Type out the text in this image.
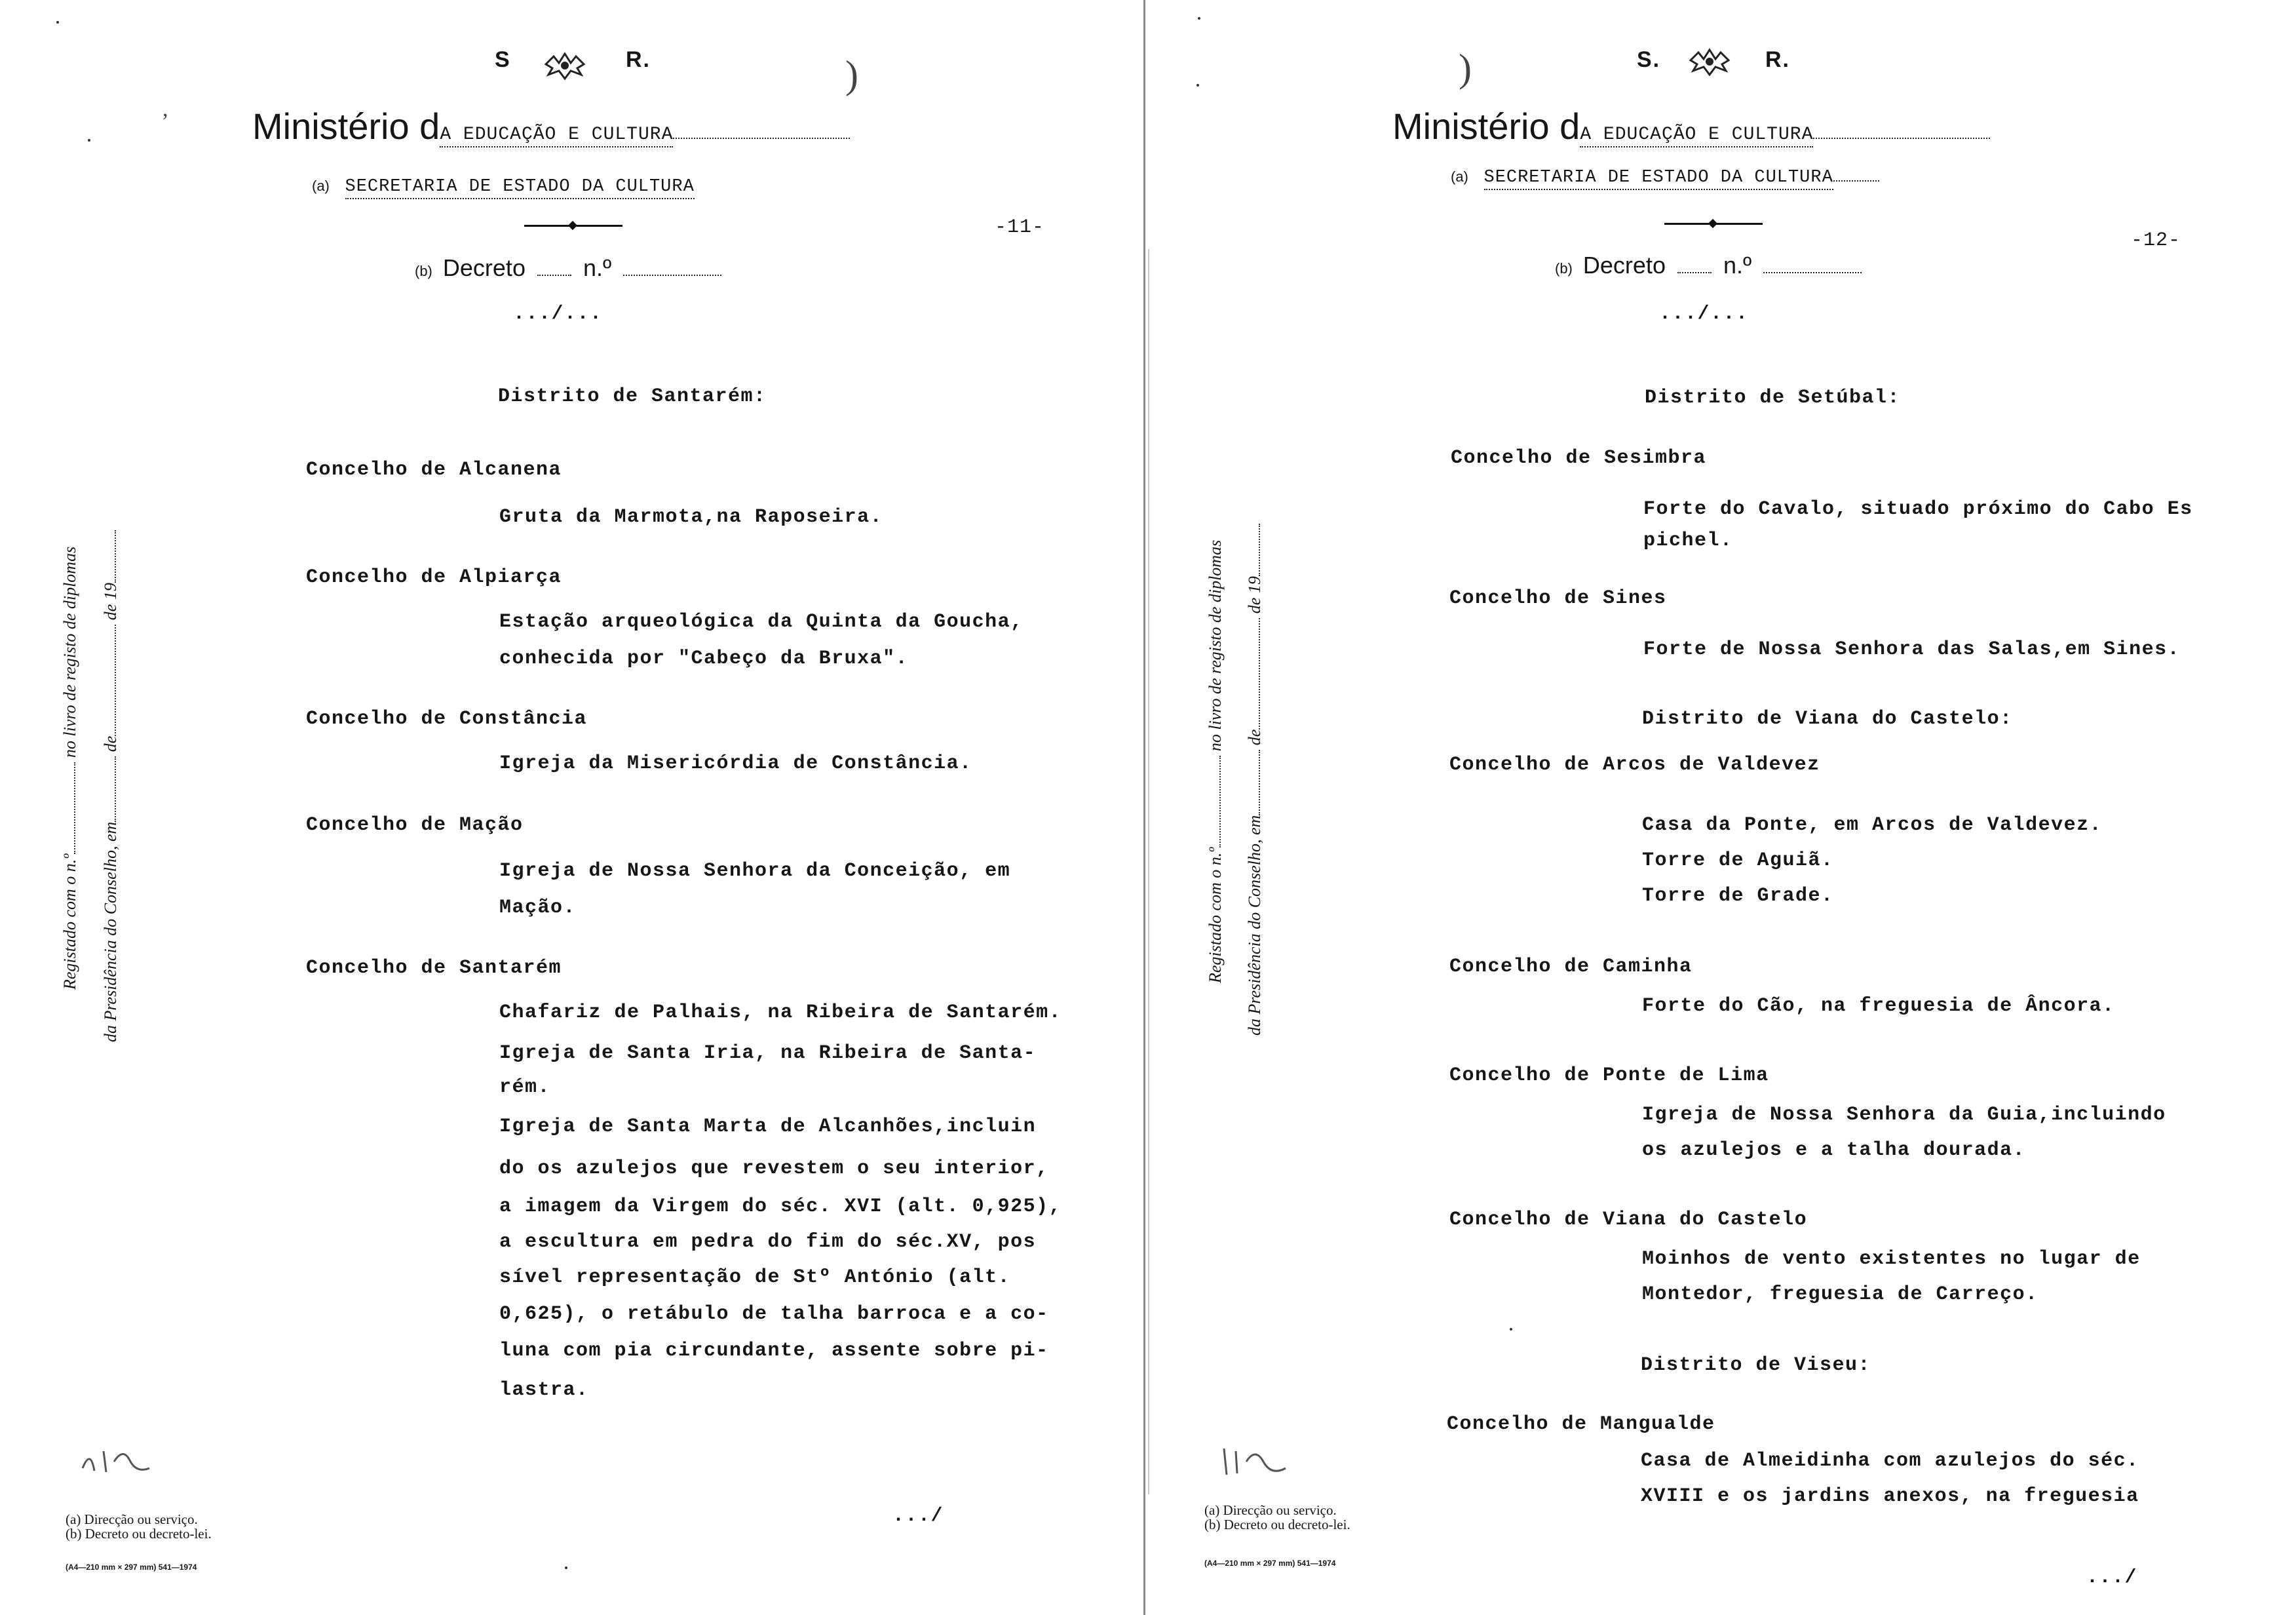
S	R.	)
, Ministério dA EDUCAÇÃO E CULTURA
(a) SECRETARIA DE ESTADO DA CULTURA
-11-
(b) Decreto n.º
.../...
Registado com o n.º no livro de registo de diplomas
da Presidência do Conselho, em de de 19
Distrito de Santarém:
Concelho de Alcanena
Gruta da Marmota,na Raposeira.
Concelho de Alpiarça
Estação arqueológica da Quinta da Goucha,
conhecida por "Cabeço da Bruxa".
Concelho de Constância
Igreja da Misericórdia de Constância.
Concelho de Mação
Igreja de Nossa Senhora da Conceição, em
Mação.
Concelho de Santarém
Chafariz de Palhais, na Ribeira de Santarém.
Igreja de Santa Iria, na Ribeira de Santa-
rém.
Igreja de Santa Marta de Alcanhões,incluin
do os azulejos que revestem o seu interior,
a imagem da Virgem do séc. XVI (alt. 0,925),
a escultura em pedra do fim do séc.XV, pos
sível representação de Stº António (alt.
0,625), o retábulo de talha barroca e a co-
luna com pia circundante, assente sobre pi-
lastra.
.../
(a) Direcção ou serviço.
(b) Decreto ou decreto-lei.
(A4—210 mm × 297 mm) 541—1974
S.	R.
)
Ministério dA EDUCAÇÃO E CULTURA
(a) SECRETARIA DE ESTADO DA CULTURA
-12-
(b) Decreto n.º
.../...
Registado com o n.º no livro de registo de diplomas
da Presidência do Conselho, em de de 19
Distrito de Setúbal:
Concelho de Sesimbra
Forte do Cavalo, situado próximo do Cabo Es
pichel.
Concelho de Sines
Forte de Nossa Senhora das Salas,em Sines.
Distrito de Viana do Castelo:
Concelho de Arcos de Valdevez
Casa da Ponte, em Arcos de Valdevez.
Torre de Aguiã.
Torre de Grade.
Concelho de Caminha
Forte do Cão, na freguesia de Âncora.
Concelho de Ponte de Lima
Igreja de Nossa Senhora da Guia,incluindo
os azulejos e a talha dourada.
Concelho de Viana do Castelo
Moinhos de vento existentes no lugar de
Montedor, freguesia de Carreço.
Distrito de Viseu:
Concelho de Mangualde
Casa de Almeidinha com azulejos do séc.
XVIII e os jardins anexos, na freguesia
.../
(a) Direcção ou serviço.
(b) Decreto ou decreto-lei.
(A4—210 mm × 297 mm) 541—1974
